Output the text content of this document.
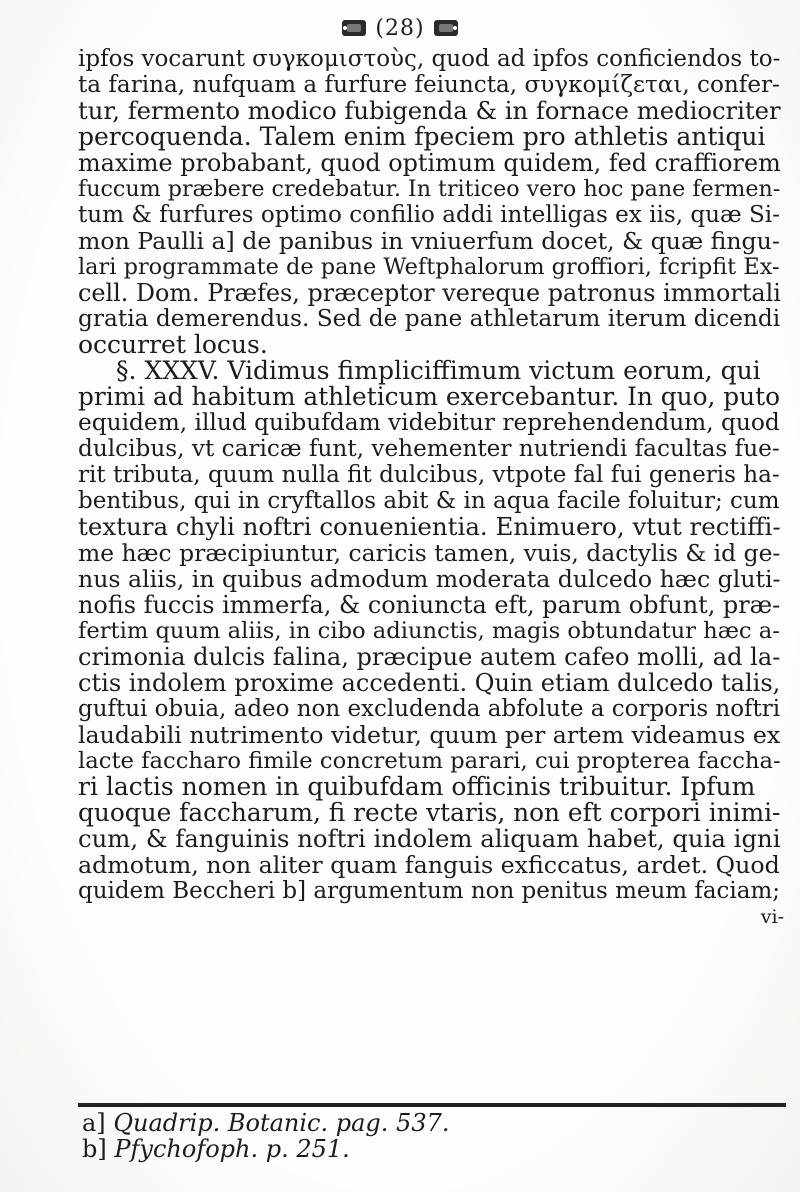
(28)
ipfos vocarunt συγκομιστοὺς, quod ad ipfos conficiendos to-
ta farina, nufquam a furfure feiuncta, συγκομίζεται, confer-
tur, fermento modico fubigenda & in fornace mediocriter
percoquenda. Talem enim fpeciem pro athletis antiqui
maxime probabant, quod optimum quidem, fed craffiorem
fuccum præbere credebatur. In triticeo vero hoc pane fermen-
tum & furfures optimo confilio addi intelligas ex iis, quæ Si-
mon Paulli a] de panibus in vniuerfum docet, & quæ fingu-
lari programmate de pane Weftphalorum groffiori, fcripfit Ex-
cell. Dom. Præfes, præceptor vereque patronus immortali
gratia demerendus. Sed de pane athletarum iterum dicendi
occurret locus.
§. XXXV. Vidimus fimpliciffimum victum eorum, qui
primi ad habitum athleticum exercebantur. In quo, puto
equidem, illud quibufdam videbitur reprehendendum, quod
dulcibus, vt caricæ funt, vehementer nutriendi facultas fue-
rit tributa, quum nulla fit dulcibus, vtpote fal fui generis ha-
bentibus, qui in cryftallos abit & in aqua facile foluitur; cum
textura chyli noftri conuenientia. Enimuero, vtut rectiffi-
me hæc præcipiuntur, caricis tamen, vuis, dactylis & id ge-
nus aliis, in quibus admodum moderata dulcedo hæc gluti-
nofis fuccis immerfa, & coniuncta eft, parum obfunt, præ-
fertim quum aliis, in cibo adiunctis, magis obtundatur hæc a-
crimonia dulcis falina, præcipue autem cafeo molli, ad la-
ctis indolem proxime accedenti. Quin etiam dulcedo talis,
guftui obuia, adeo non excludenda abfolute a corporis noftri
laudabili nutrimento videtur, quum per artem videamus ex
lacte faccharo fimile concretum parari, cui propterea faccha-
ri lactis nomen in quibufdam officinis tribuitur. Ipfum
quoque faccharum, fi recte vtaris, non eft corpori inimi-
cum, & fanguinis noftri indolem aliquam habet, quia igni
admotum, non aliter quam fanguis exficcatus, ardet. Quod
quidem Beccheri b] argumentum non penitus meum faciam;
vi-
a] Quadrip. Botanic. pag. 537.
b] Pfychofoph. p. 251.
